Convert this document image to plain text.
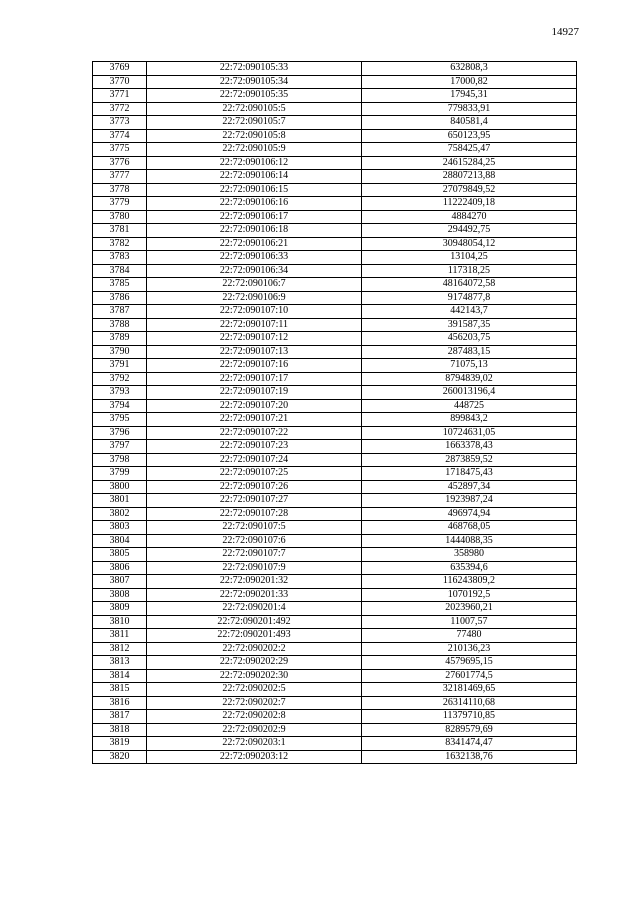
14927
3769	22:72:090105:33	632808,3
3770	22:72:090105:34	17000,82
3771	22:72:090105:35	17945,31
3772	22:72:090105:5	779833,91
3773	22:72:090105:7	840581,4
3774	22:72:090105:8	650123,95
3775	22:72:090105:9	758425,47
3776	22:72:090106:12	24615284,25
3777	22:72:090106:14	28807213,88
3778	22:72:090106:15	27079849,52
3779	22:72:090106:16	11222409,18
3780	22:72:090106:17	4884270
3781	22:72:090106:18	294492,75
3782	22:72:090106:21	30948054,12
3783	22:72:090106:33	13104,25
3784	22:72:090106:34	117318,25
3785	22:72:090106:7	48164072,58
3786	22:72:090106:9	9174877,8
3787	22:72:090107:10	442143,7
3788	22:72:090107:11	391587,35
3789	22:72:090107:12	456203,75
3790	22:72:090107:13	287483,15
3791	22:72:090107:16	71075,13
3792	22:72:090107:17	8794839,02
3793	22:72:090107:19	260013196,4
3794	22:72:090107:20	448725
3795	22:72:090107:21	899843,2
3796	22:72:090107:22	10724631,05
3797	22:72:090107:23	1663378,43
3798	22:72:090107:24	2873859,52
3799	22:72:090107:25	1718475,43
3800	22:72:090107:26	452897,34
3801	22:72:090107:27	1923987,24
3802	22:72:090107:28	496974,94
3803	22:72:090107:5	468768,05
3804	22:72:090107:6	1444088,35
3805	22:72:090107:7	358980
3806	22:72:090107:9	635394,6
3807	22:72:090201:32	116243809,2
3808	22:72:090201:33	1070192,5
3809	22:72:090201:4	2023960,21
3810	22:72:090201:492	11007,57
3811	22:72:090201:493	77480
3812	22:72:090202:2	210136,23
3813	22:72:090202:29	4579695,15
3814	22:72:090202:30	27601774,5
3815	22:72:090202:5	32181469,65
3816	22:72:090202:7	26314110,68
3817	22:72:090202:8	11379710,85
3818	22:72:090202:9	8289579,69
3819	22:72:090203:1	8341474,47
3820	22:72:090203:12	1632138,76
